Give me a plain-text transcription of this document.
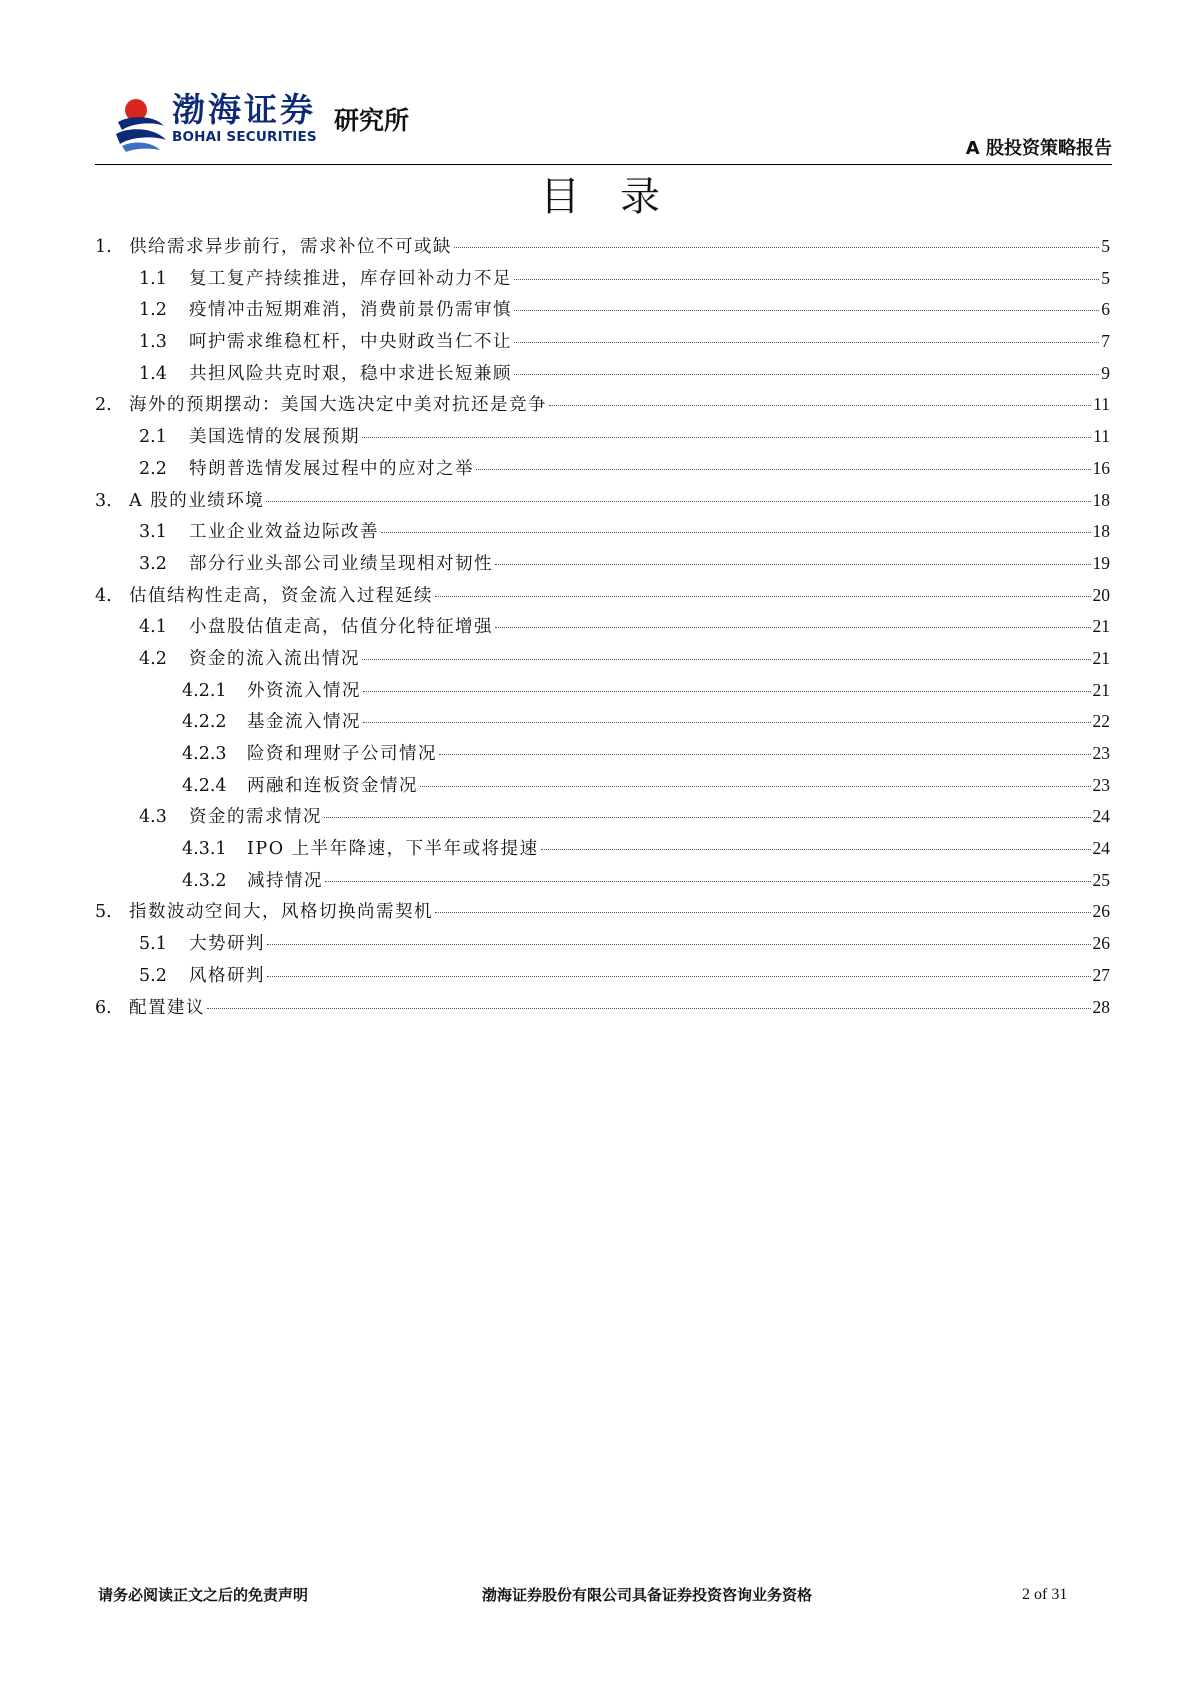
渤海证券
BOHAI SECURITIES
研究所
A 股投资策略报告
目录
1. 供给需求异步前行，需求补位不可或缺	5
1.1	复工复产持续推进，库存回补动力不足	5
1.2	疫情冲击短期难消，消费前景仍需审慎	6
1.3	呵护需求维稳杠杆，中央财政当仁不让	7
1.4	共担风险共克时艰，稳中求进长短兼顾	9
2. 海外的预期摆动：美国大选决定中美对抗还是竞争	11
2.1	美国选情的发展预期	11
2.2	特朗普选情发展过程中的应对之举	16
3. A 股的业绩环境	18
3.1	工业企业效益边际改善	18
3.2	部分行业头部公司业绩呈现相对韧性	19
4. 估值结构性走高，资金流入过程延续	20
4.1	小盘股估值走高，估值分化特征增强	21
4.2	资金的流入流出情况	21
4.2.1	外资流入情况	21
4.2.2	基金流入情况	22
4.2.3	险资和理财子公司情况	23
4.2.4	两融和连板资金情况	23
4.3	资金的需求情况	24
4.3.1	IPO 上半年降速，下半年或将提速	24
4.3.2	减持情况	25
5. 指数波动空间大，风格切换尚需契机	26
5.1	大势研判	26
5.2	风格研判	27
6. 配置建议	28
请务必阅读正文之后的免责声明	渤海证券股份有限公司具备证券投资咨询业务资格	2 of 31
